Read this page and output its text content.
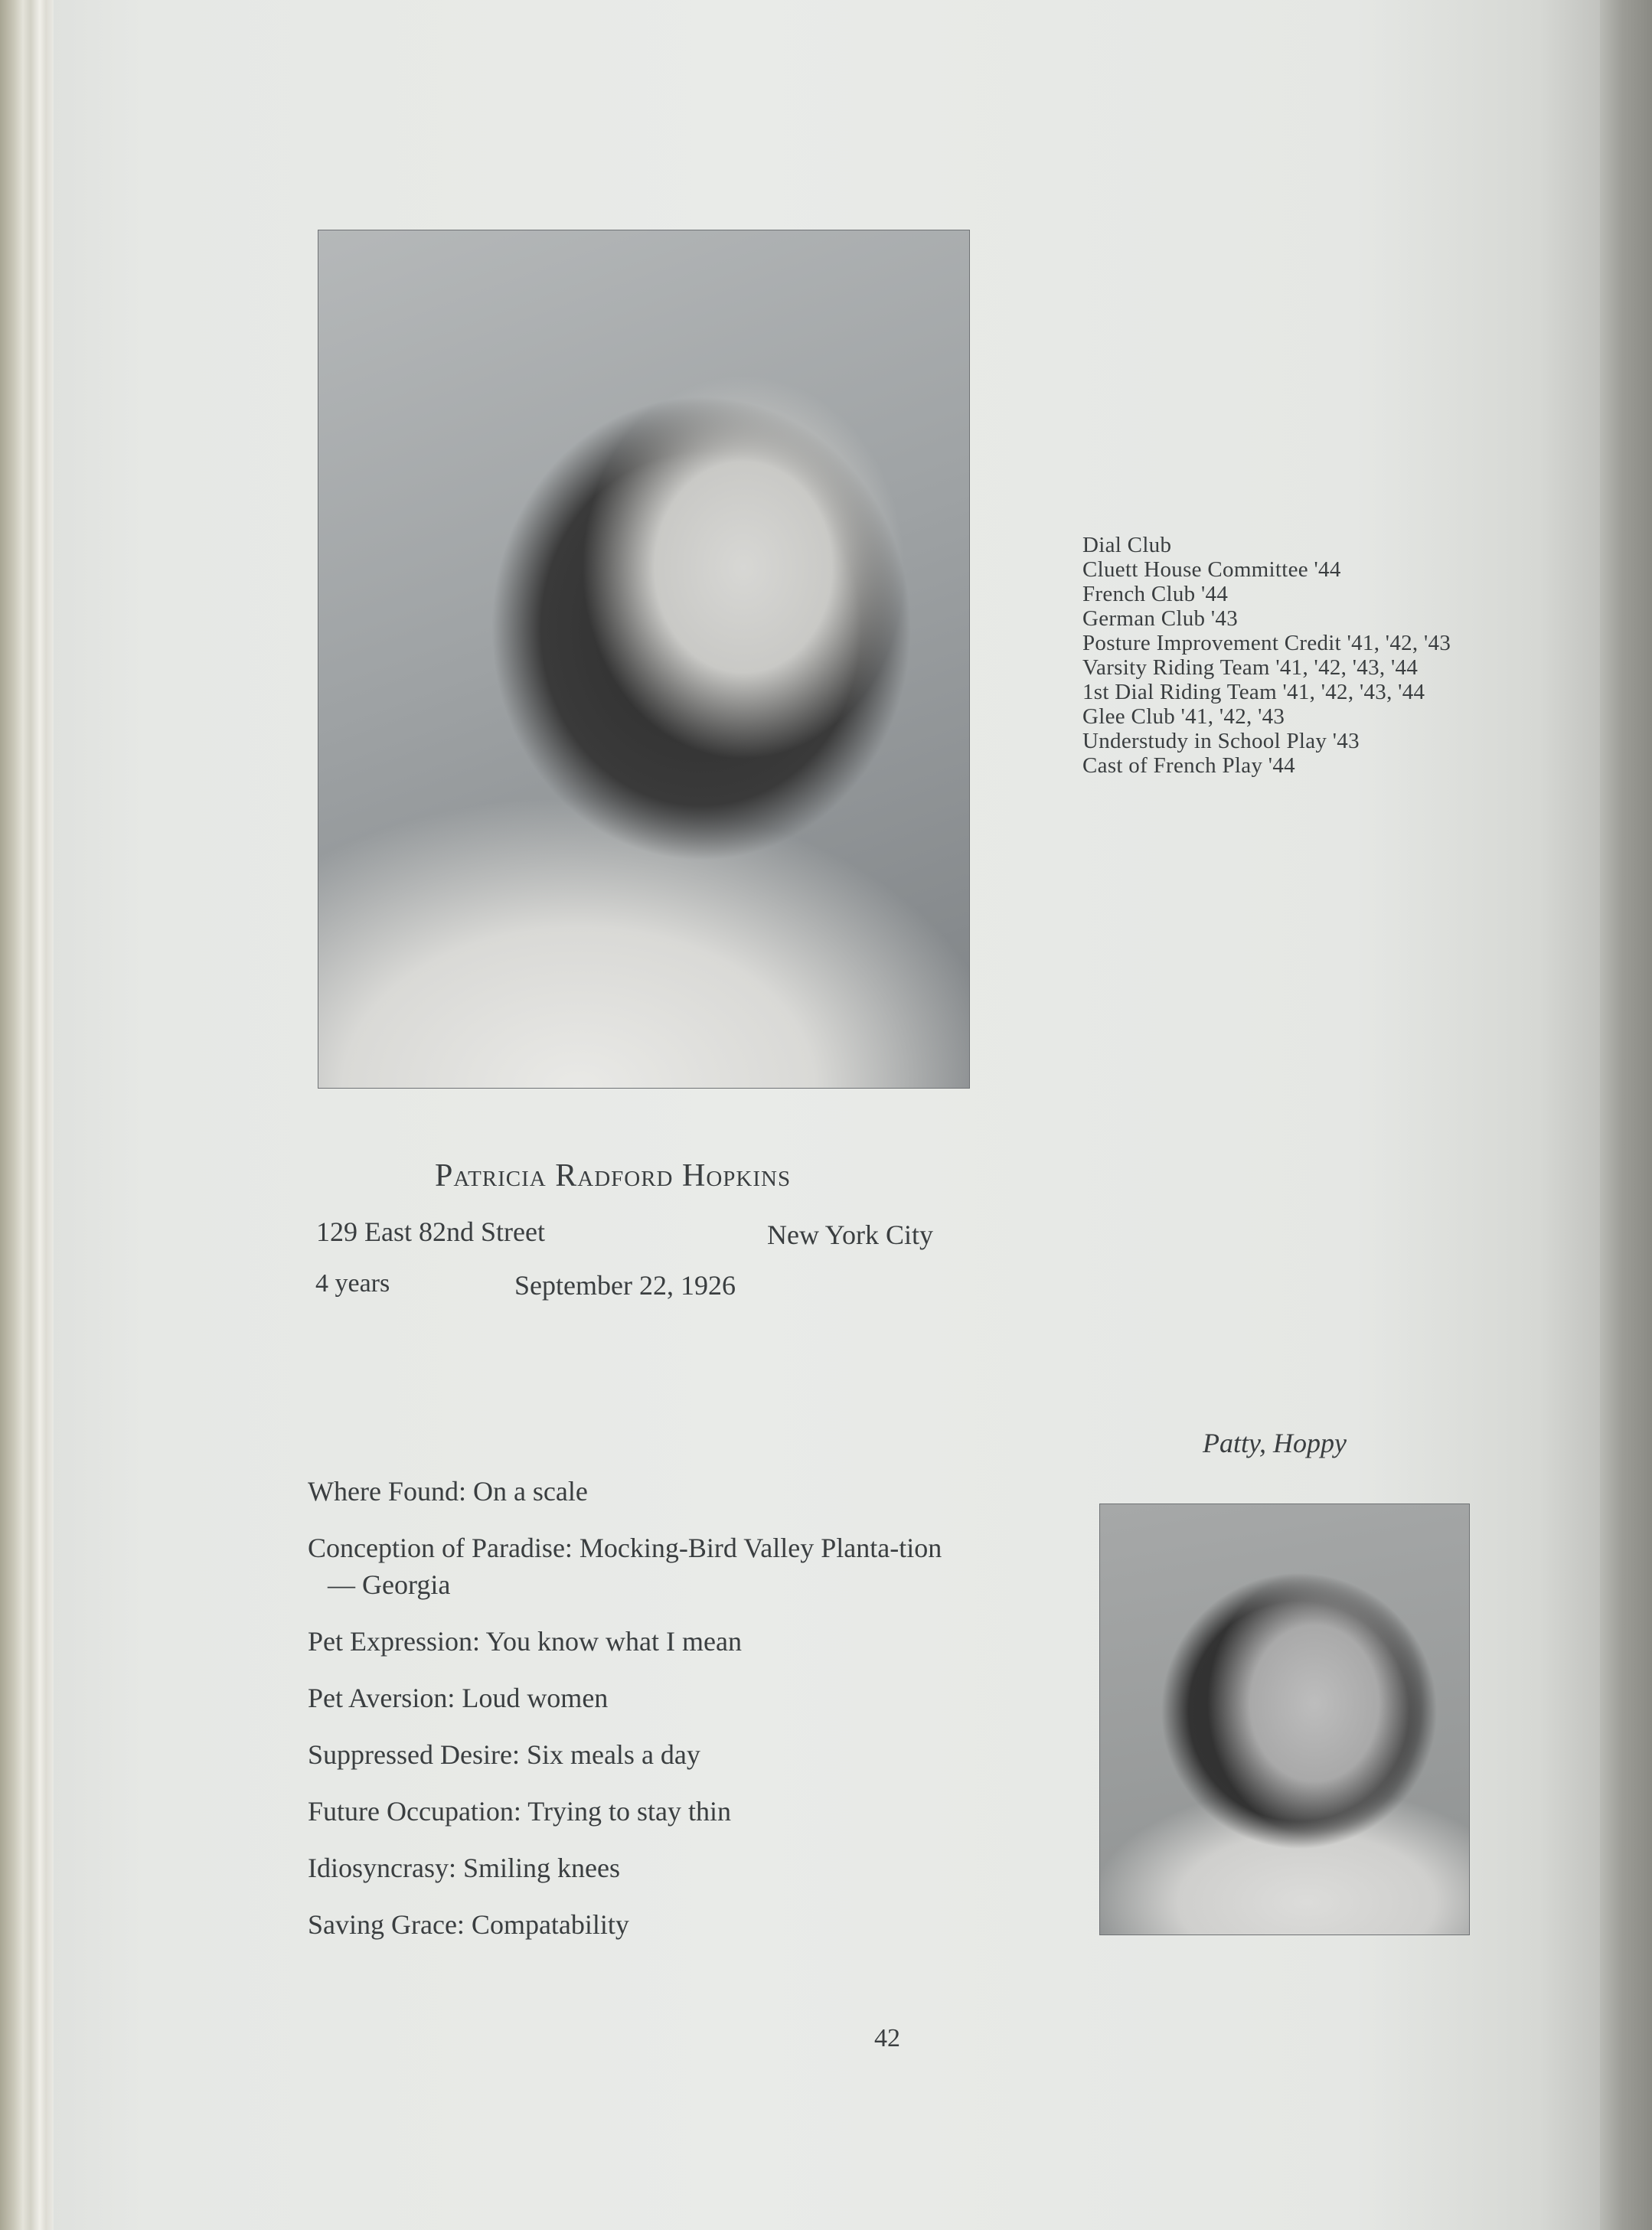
Dial Club
Cluett House Committee '44
French Club '44
German Club '43
Posture Improvement Credit '41, '42, '43
Varsity Riding Team '41, '42, '43, '44
1st Dial Riding Team '41, '42, '43, '44
Glee Club '41, '42, '43
Understudy in School Play '43
Cast of French Play '44
Patricia Radford Hopkins
129 East 82nd Street	New York City
4 years	September 22, 1926
Patty, Hoppy
Where Found: On a scale
Conception of Paradise: Mocking-Bird Valley Planta-tion — Georgia
Pet Expression: You know what I mean
Pet Aversion: Loud women
Suppressed Desire: Six meals a day
Future Occupation: Trying to stay thin
Idiosyncrasy: Smiling knees
Saving Grace: Compatability
42
